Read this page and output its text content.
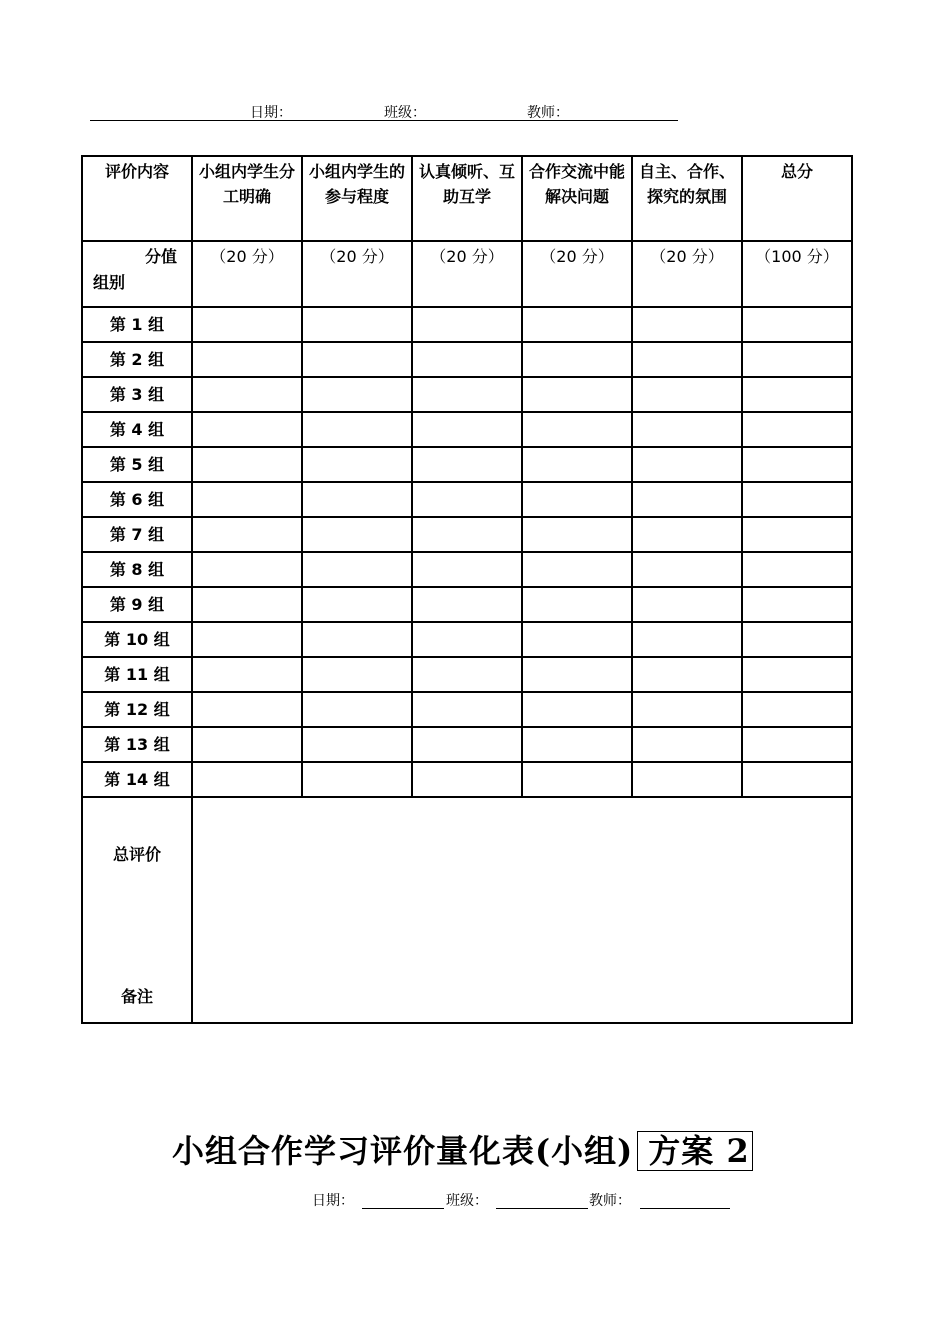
日期：	班级：	教师：
评价内容	小组内学生分工明确	小组内学生的参与程度	认真倾听、互助互学	合作交流中能解决问题	自主、合作、探究的氛围	总分

分值
组别	（20 分）	（20 分）	（20 分）	（20 分）	（20 分）	（100 分）
第 1 组						
第 2 组						
第 3 组						
第 4 组						
第 5 组						
第 6 组						
第 7 组						
第 8 组						
第 9 组						
第 10 组						
第 11 组						
第 12 组						
第 13 组						
第 14 组						

总评价
备注						

小组合作学习评价量化表(小组) 方案 2
日期：	班级：	教师：
